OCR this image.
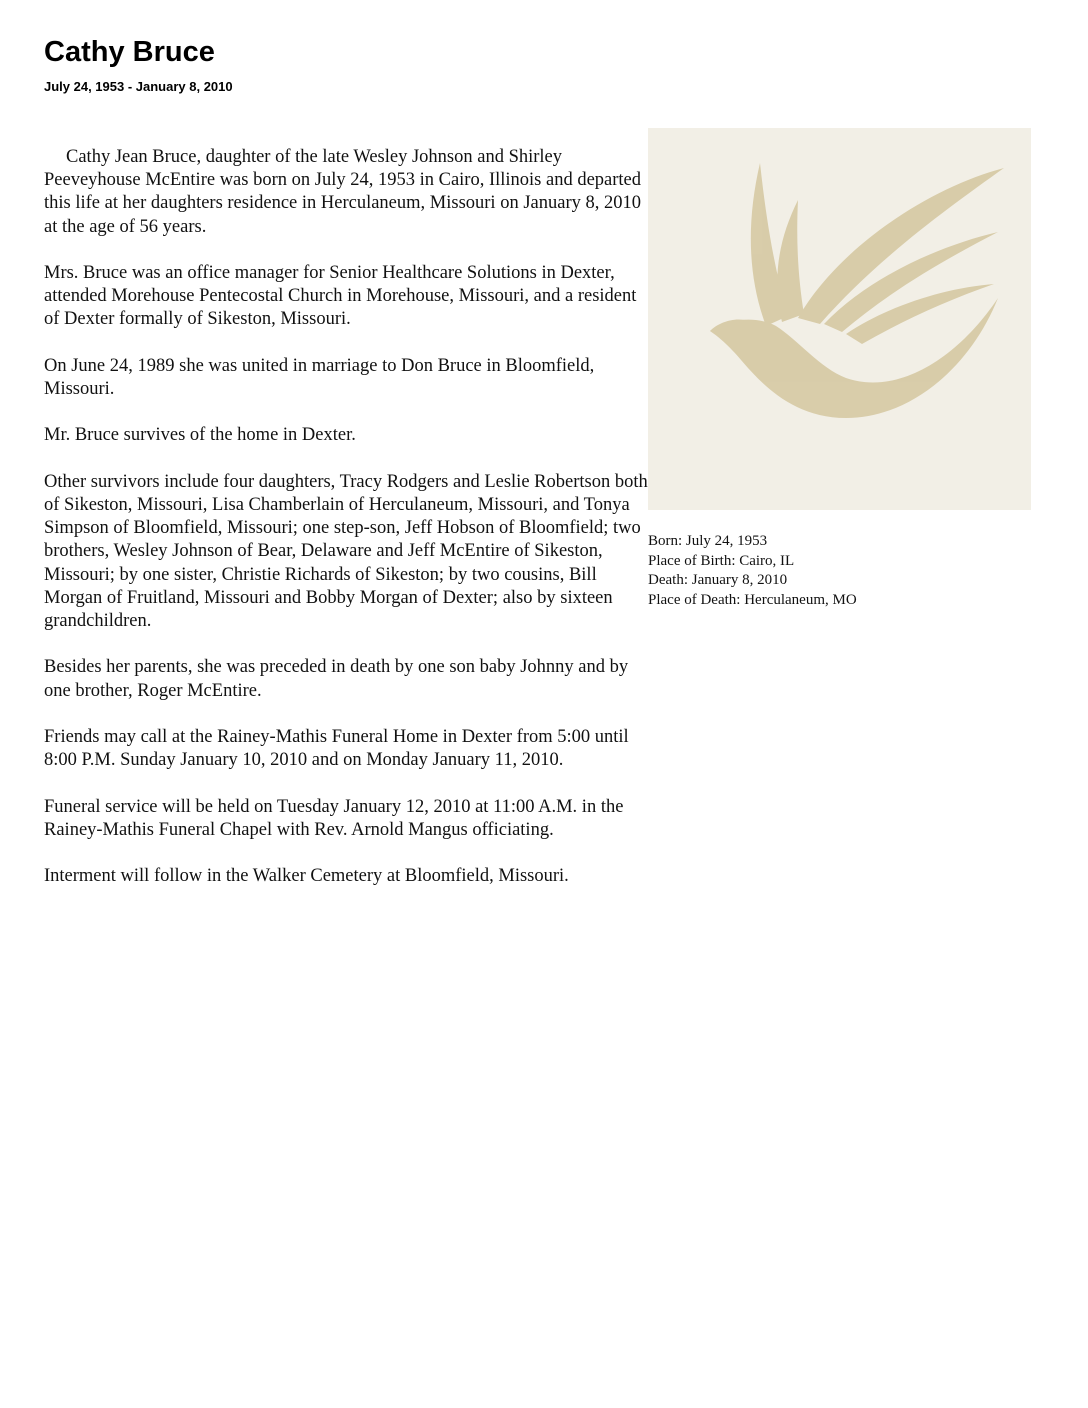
Cathy Bruce

July 24, 1953 - January 8, 2010

Cathy Jean Bruce, daughter of the late Wesley Johnson and Shirley Peeveyhouse McEntire was born on July 24, 1953 in Cairo, Illinois and departed this life at her daughters residence in Herculaneum, Missouri on January 8, 2010 at the age of 56 years.

Mrs. Bruce was an office manager for Senior Healthcare Solutions in Dexter, attended Morehouse Pentecostal Church in Morehouse, Missouri, and a resident of Dexter formally of Sikeston, Missouri.

On June 24, 1989 she was united in marriage to Don Bruce in Bloomfield, Missouri.

Mr. Bruce survives of the home in Dexter.

Other survivors include four daughters, Tracy Rodgers and Leslie Robertson both of Sikeston, Missouri, Lisa Chamberlain of Herculaneum, Missouri, and Tonya Simpson of Bloomfield, Missouri; one step-son, Jeff Hobson of Bloomfield; two brothers, Wesley Johnson of Bear, Delaware and Jeff McEntire of Sikeston, Missouri; by one sister, Christie Richards of Sikeston; by two cousins, Bill Morgan of Fruitland, Missouri and Bobby Morgan of Dexter; also by sixteen grandchildren.

Besides her parents, she was preceded in death by one son baby Johnny and by one brother, Roger McEntire.

Friends may call at the Rainey-Mathis Funeral Home in Dexter from 5:00 until 8:00 P.M. Sunday January 10, 2010 and on Monday January 11, 2010.

Funeral service will be held on Tuesday January 12, 2010 at 11:00 A.M. in the Rainey-Mathis Funeral Chapel with Rev. Arnold Mangus officiating.

Interment will follow in the Walker Cemetery at Bloomfield, Missouri.

Born: July 24, 1953
Place of Birth: Cairo, IL
Death: January 8, 2010
Place of Death: Herculaneum, MO
